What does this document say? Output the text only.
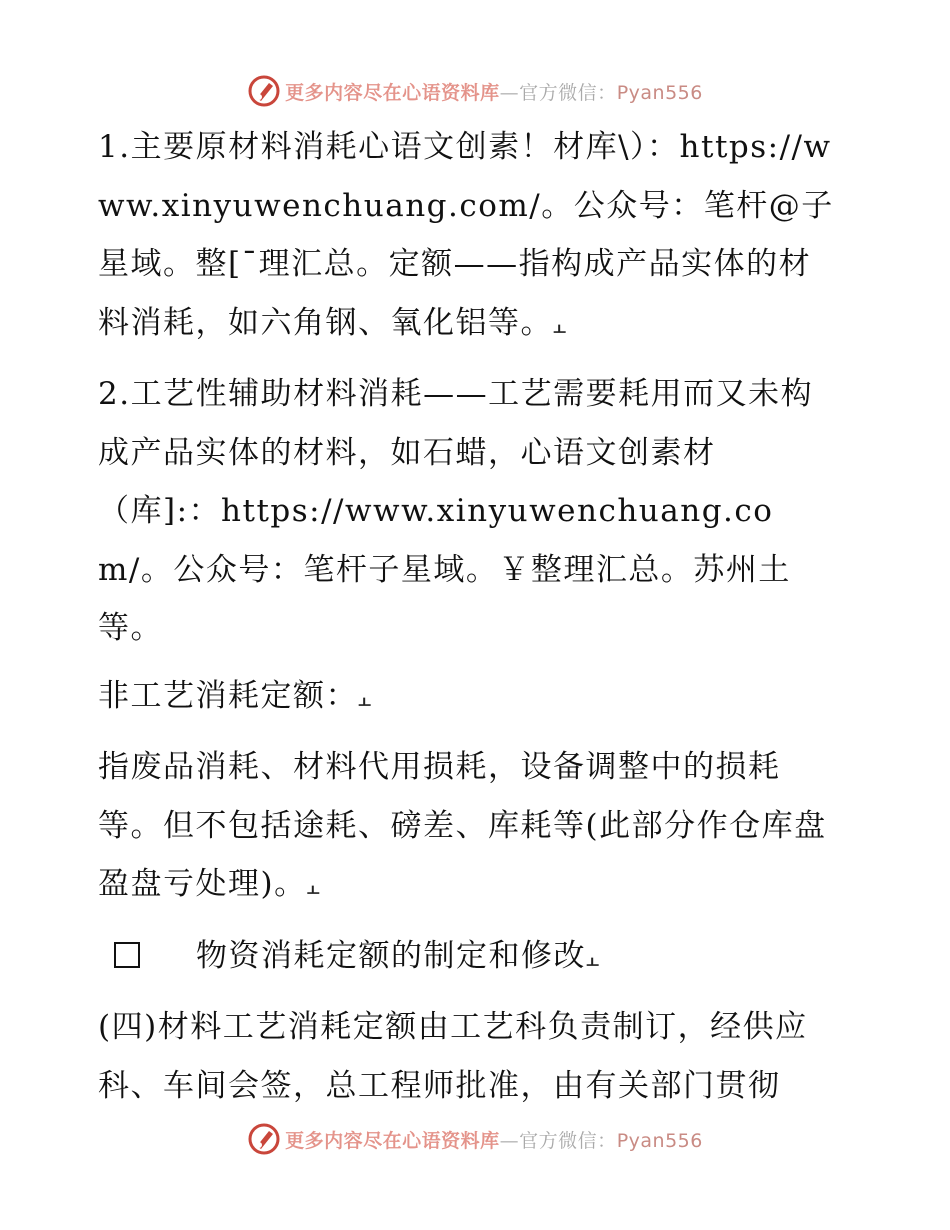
更多内容尽在心语资料库—官方微信：Pyan556

1.主要原材料消耗心语文创素！材库\）：https://www.xinyuwenchuang.com/。公众号：笔杆@子星域。整[¯理汇总。定额——指构成产品实体的材料消耗，如六角钢、氧化铝等。⫠

2.工艺性辅助材料消耗——工艺需要耗用而又未构成产品实体的材料，如石蜡，心语文创素材（库]:：https://www.xinyuwenchuang.com/。公众号：笔杆子星域。￥整理汇总。苏州土等。

非工艺消耗定额：⫠

指废品消耗、材料代用损耗，设备调整中的损耗等。但不包括途耗、磅差、库耗等(此部分作仓库盘盈盘亏处理)。⫠

物资消耗定额的制定和修改⫠

(四)材料工艺消耗定额由工艺科负责制订，经供应科、车间会签，总工程师批准，由有关部门贯彻

更多内容尽在心语资料库—官方微信：Pyan556
